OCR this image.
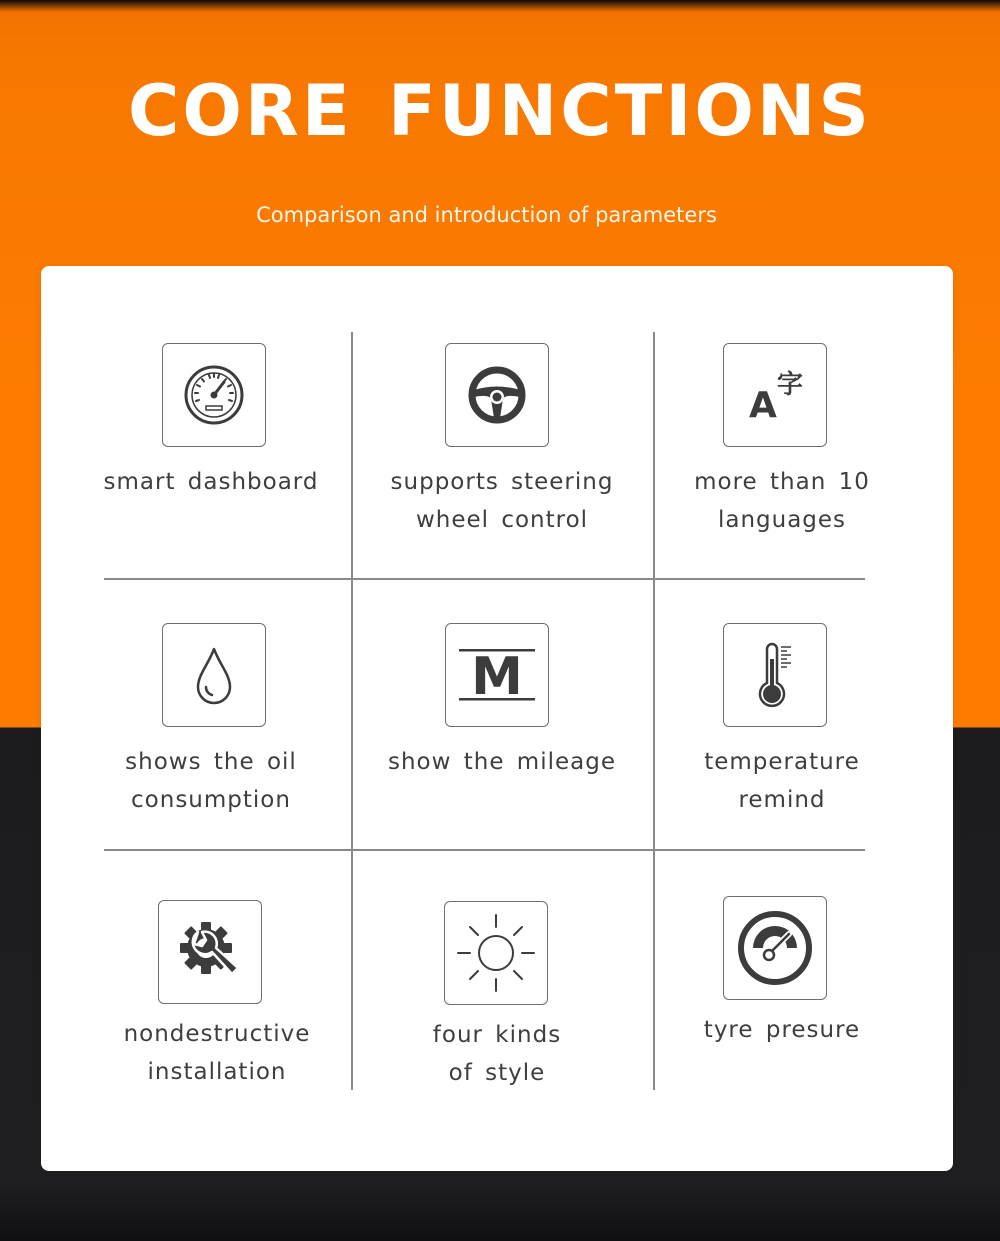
CORE FUNCTIONS

Comparison and introduction of parameters

smart dashboard	supports steering
wheel control
A 字
more than 10
languages
shows the oil
consumption
M
show the mileage	temperature
remind
nondestructive
installation
four kinds
of style
tyre presure
